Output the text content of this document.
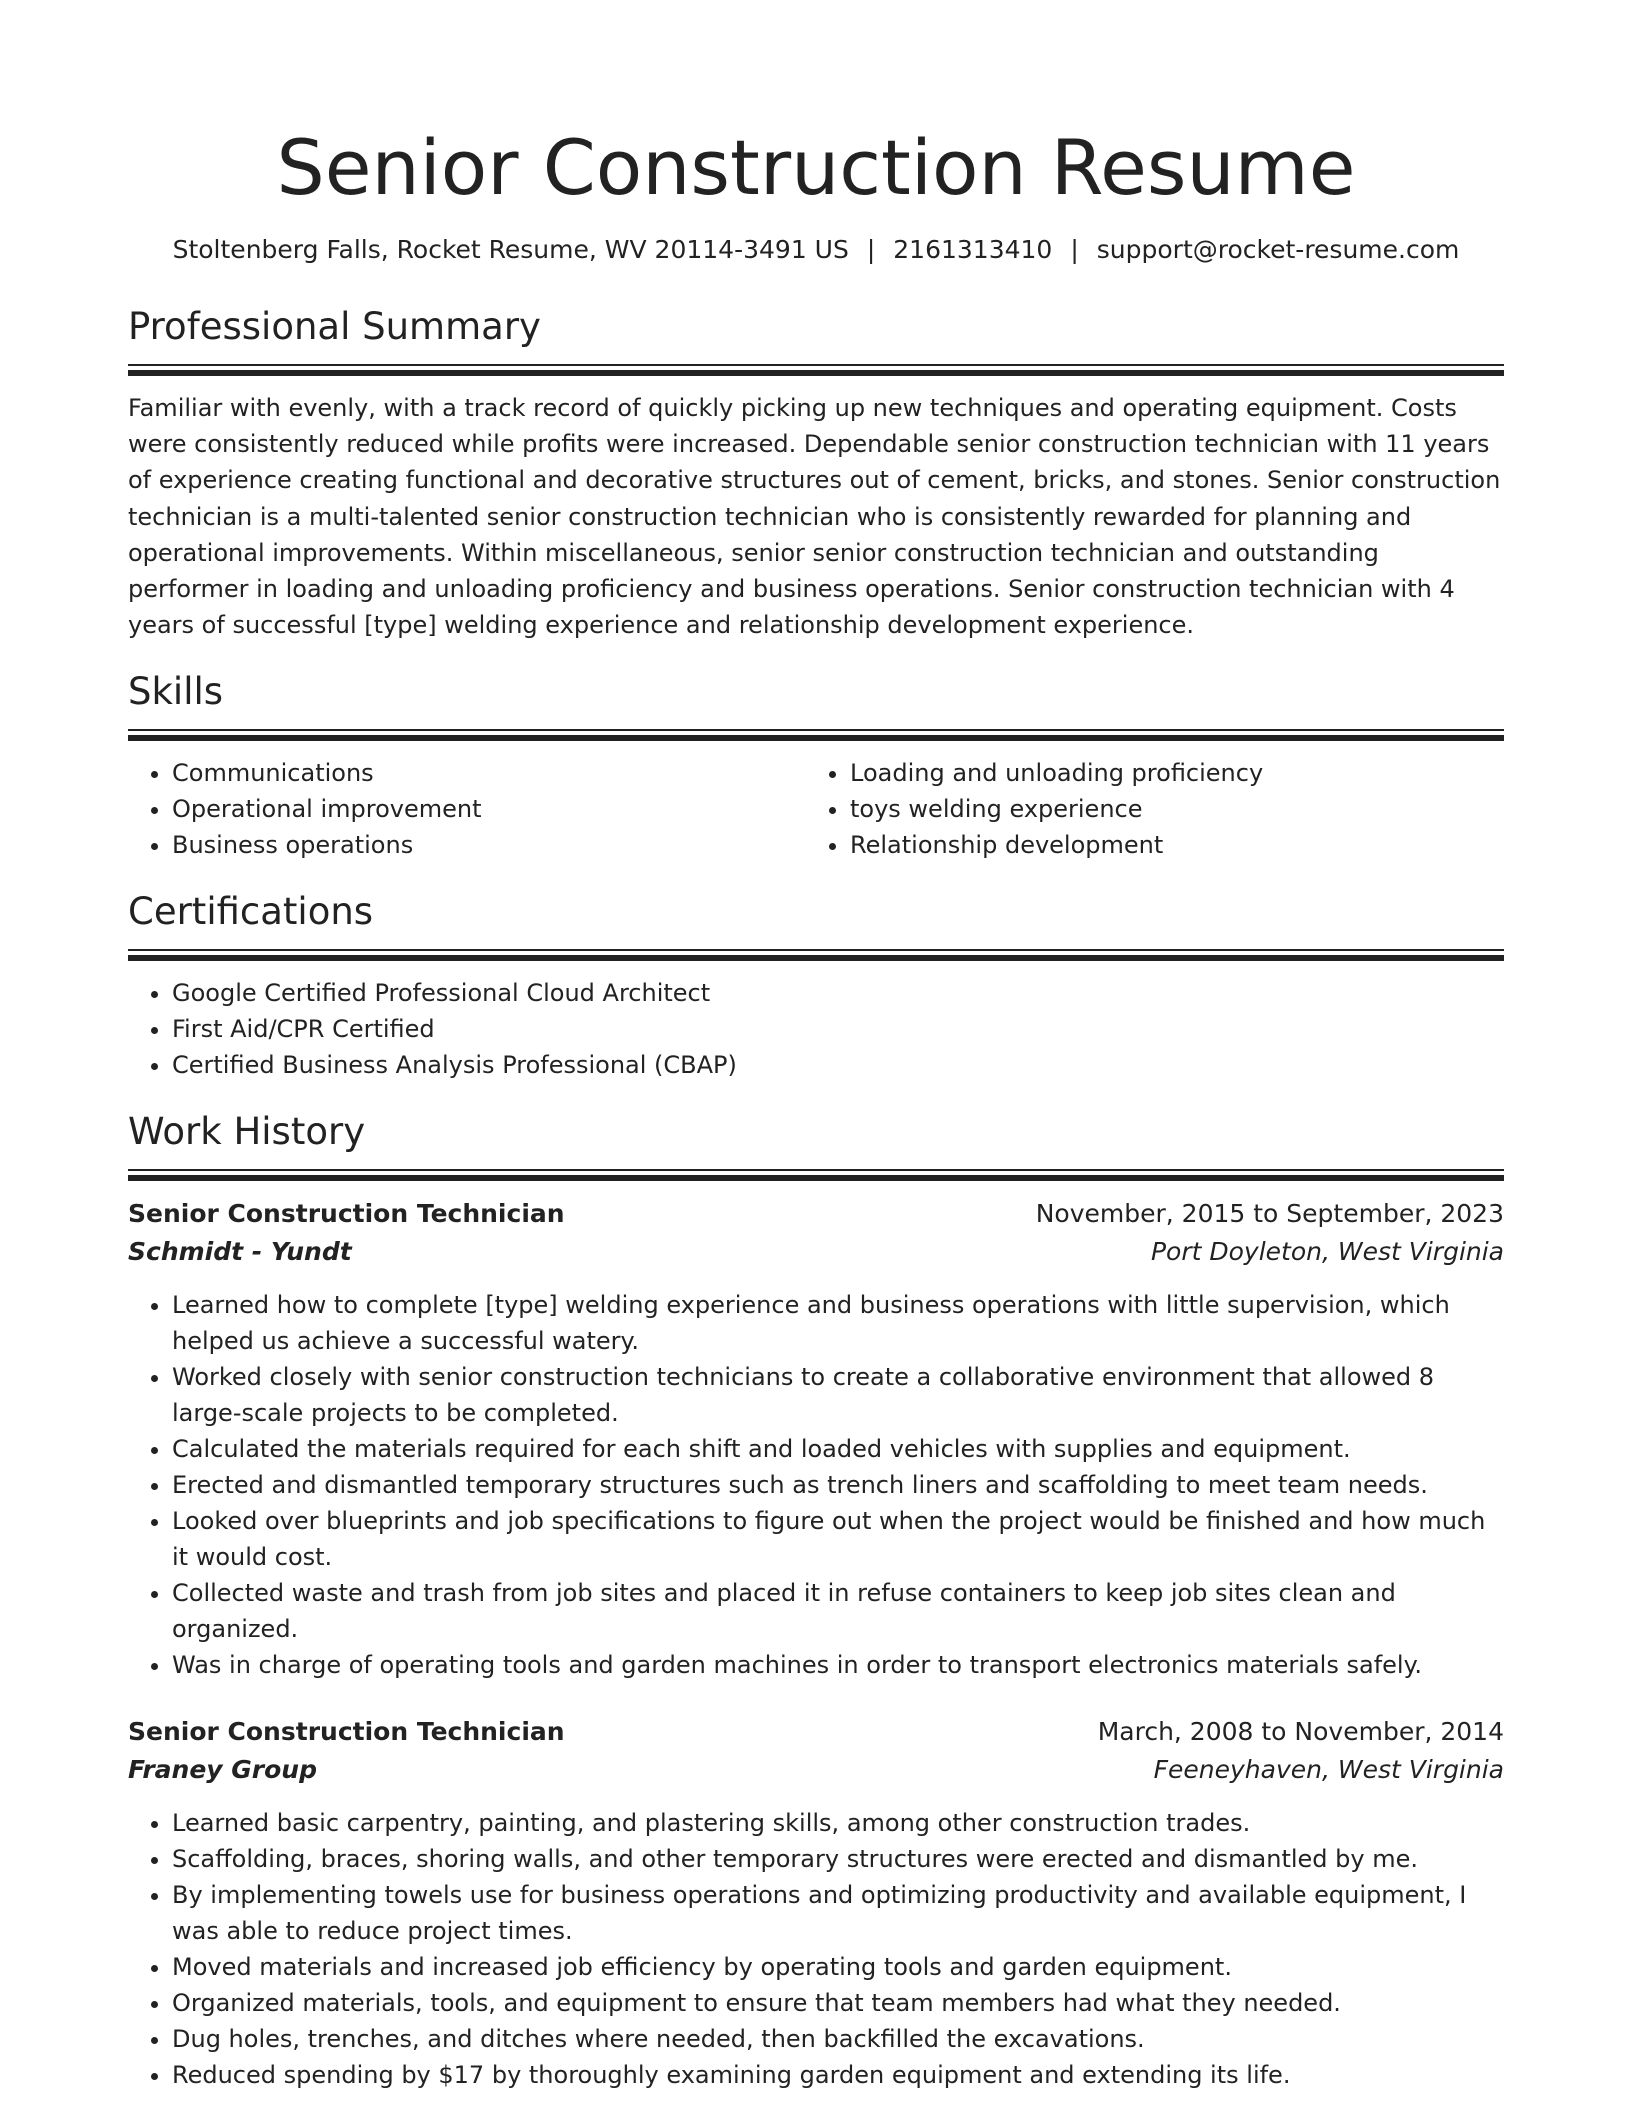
Senior Construction Resume
Stoltenberg Falls, Rocket Resume, WV 20114-3491 US | 2161313410 | support@rocket-resume.com
Professional Summary
Familiar with evenly, with a track record of quickly picking up new techniques and operating equipment. Costs were consistently reduced while profits were increased. Dependable senior construction technician with 11 years of experience creating functional and decorative structures out of cement, bricks, and stones. Senior construction technician is a multi-talented senior construction technician who is consistently rewarded for planning and operational improvements. Within miscellaneous, senior senior construction technician and outstanding performer in loading and unloading proficiency and business operations. Senior construction technician with 4 years of successful [type] welding experience and relationship development experience.
Skills
• Communications
• Operational improvement
• Business operations
• Loading and unloading proficiency
• toys welding experience
• Relationship development
Certifications
• Google Certified Professional Cloud Architect
• First Aid/CPR Certified
• Certified Business Analysis Professional (CBAP)
Work History
Senior Construction Technician	November, 2015 to September, 2023
Schmidt - Yundt	Port Doyleton, West Virginia
• Learned how to complete [type] welding experience and business operations with little supervision, which helped us achieve a successful watery.
• Worked closely with senior construction technicians to create a collaborative environment that allowed 8 large-scale projects to be completed.
• Calculated the materials required for each shift and loaded vehicles with supplies and equipment.
• Erected and dismantled temporary structures such as trench liners and scaffolding to meet team needs.
• Looked over blueprints and job specifications to figure out when the project would be finished and how much it would cost.
• Collected waste and trash from job sites and placed it in refuse containers to keep job sites clean and organized.
• Was in charge of operating tools and garden machines in order to transport electronics materials safely.
Senior Construction Technician	March, 2008 to November, 2014
Franey Group	Feeneyhaven, West Virginia
• Learned basic carpentry, painting, and plastering skills, among other construction trades.
• Scaffolding, braces, shoring walls, and other temporary structures were erected and dismantled by me.
• By implementing towels use for business operations and optimizing productivity and available equipment, I was able to reduce project times.
• Moved materials and increased job efficiency by operating tools and garden equipment.
• Organized materials, tools, and equipment to ensure that team members had what they needed.
• Dug holes, trenches, and ditches where needed, then backfilled the excavations.
• Reduced spending by $17 by thoroughly examining garden equipment and extending its life.
